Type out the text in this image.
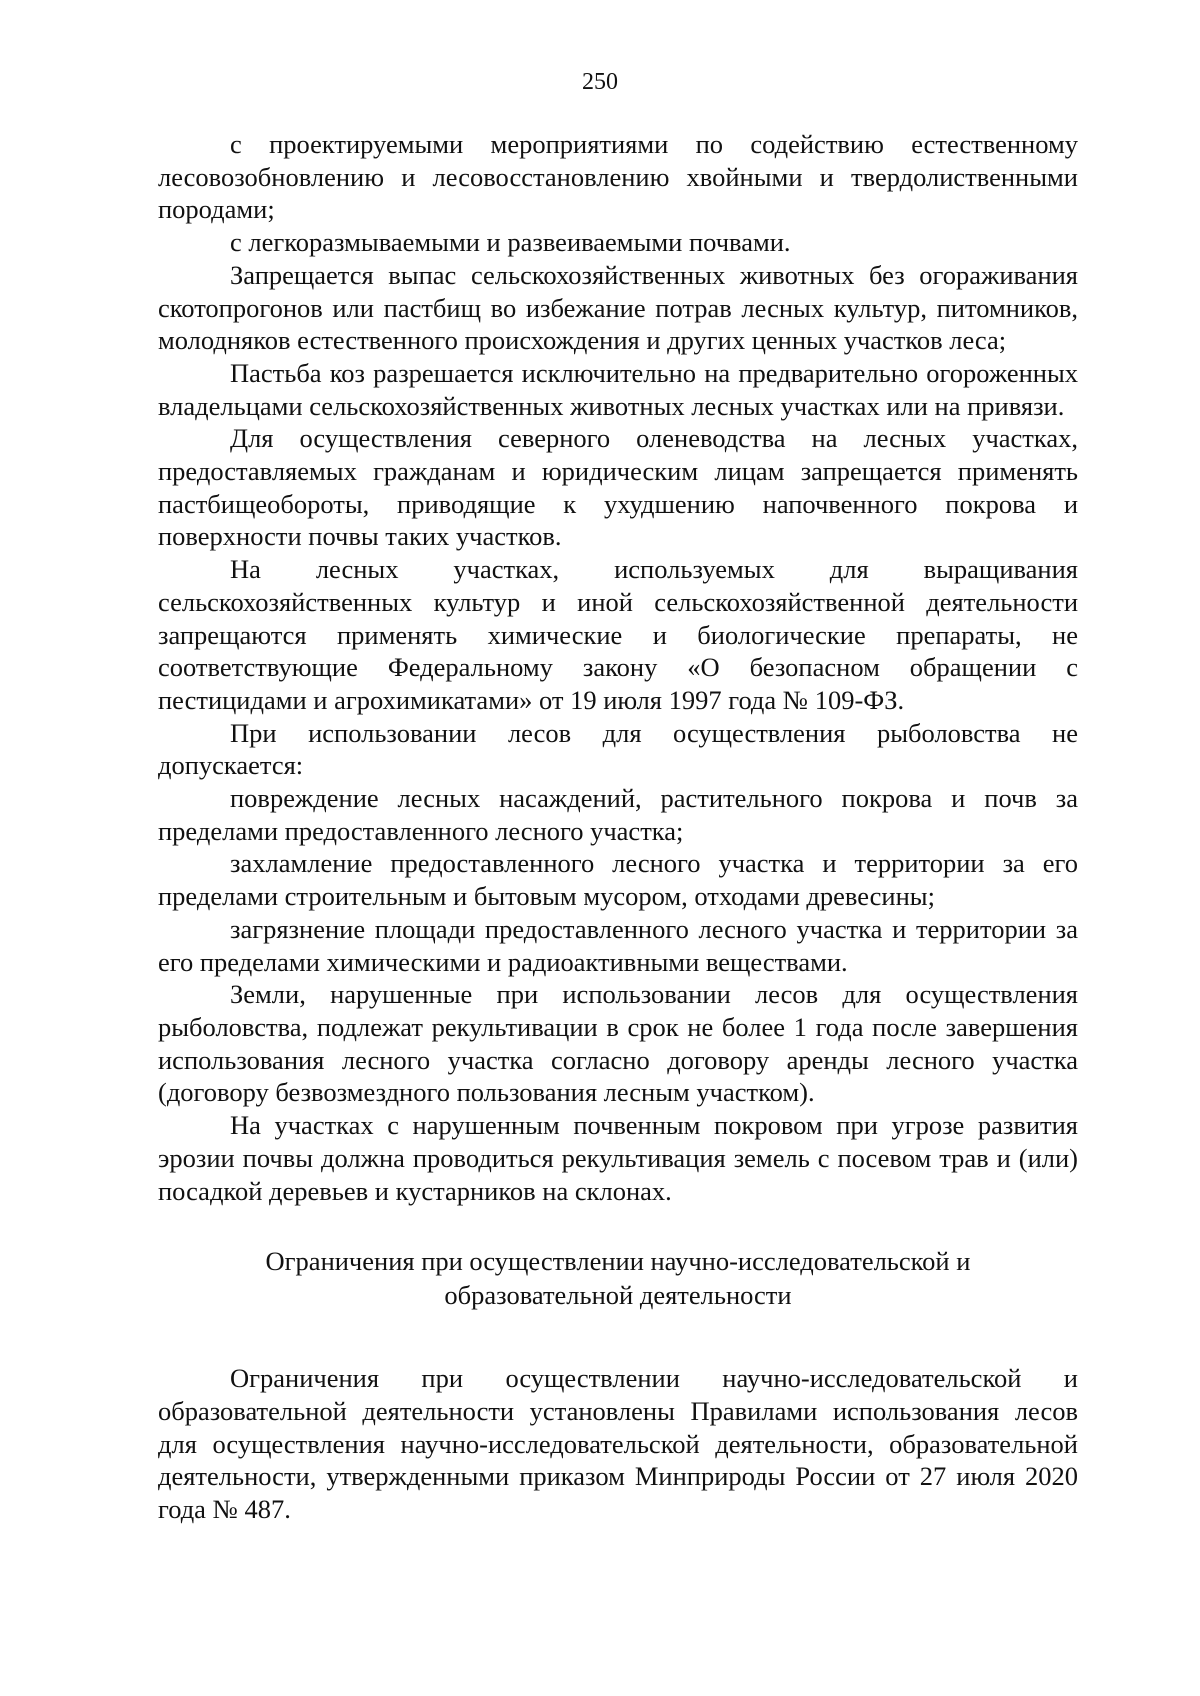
250

с проектируемыми мероприятиями по содействию естественному лесовозобновлению и лесовосстановлению хвойными и твердолиственными породами;

с легкоразмываемыми и развеиваемыми почвами.

Запрещается выпас сельскохозяйственных животных без огораживания скотопрогонов или пастбищ во избежание потрав лесных культур, питомников, молодняков естественного происхождения и других ценных участков леса;

Пастьба коз разрешается исключительно на предварительно огороженных владельцами сельскохозяйственных животных лесных участках или на привязи.

Для осуществления северного оленеводства на лесных участках, предоставляемых гражданам и юридическим лицам запрещается применять пастбищеобороты, приводящие к ухудшению напочвенного покрова и поверхности почвы таких участков.

На лесных участках, используемых для выращивания сельскохозяйственных культур и иной сельскохозяйственной деятельности запрещаются применять химические и биологические препараты, не соответствующие Федеральному закону «О безопасном обращении с пестицидами и агрохимикатами» от 19 июля 1997 года № 109-ФЗ.

При использовании лесов для осуществления рыболовства не допускается:

повреждение лесных насаждений, растительного покрова и почв за пределами предоставленного лесного участка;

захламление предоставленного лесного участка и территории за его пределами строительным и бытовым мусором, отходами древесины;

загрязнение площади предоставленного лесного участка и территории за его пределами химическими и радиоактивными веществами.

Земли, нарушенные при использовании лесов для осуществления рыболовства, подлежат рекультивации в срок не более 1 года после завершения использования лесного участка согласно договору аренды лесного участка (договору безвозмездного пользования лесным участком).

На участках с нарушенным почвенным покровом при угрозе развития эрозии почвы должна проводиться рекультивация земель с посевом трав и (или) посадкой деревьев и кустарников на склонах.

Ограничения при осуществлении научно-исследовательской и
образовательной деятельности

Ограничения при осуществлении научно-исследовательской и образовательной деятельности установлены Правилами использования лесов для осуществления научно-исследовательской деятельности, образовательной деятельности, утвержденными приказом Минприроды России от 27 июля 2020 года № 487.
